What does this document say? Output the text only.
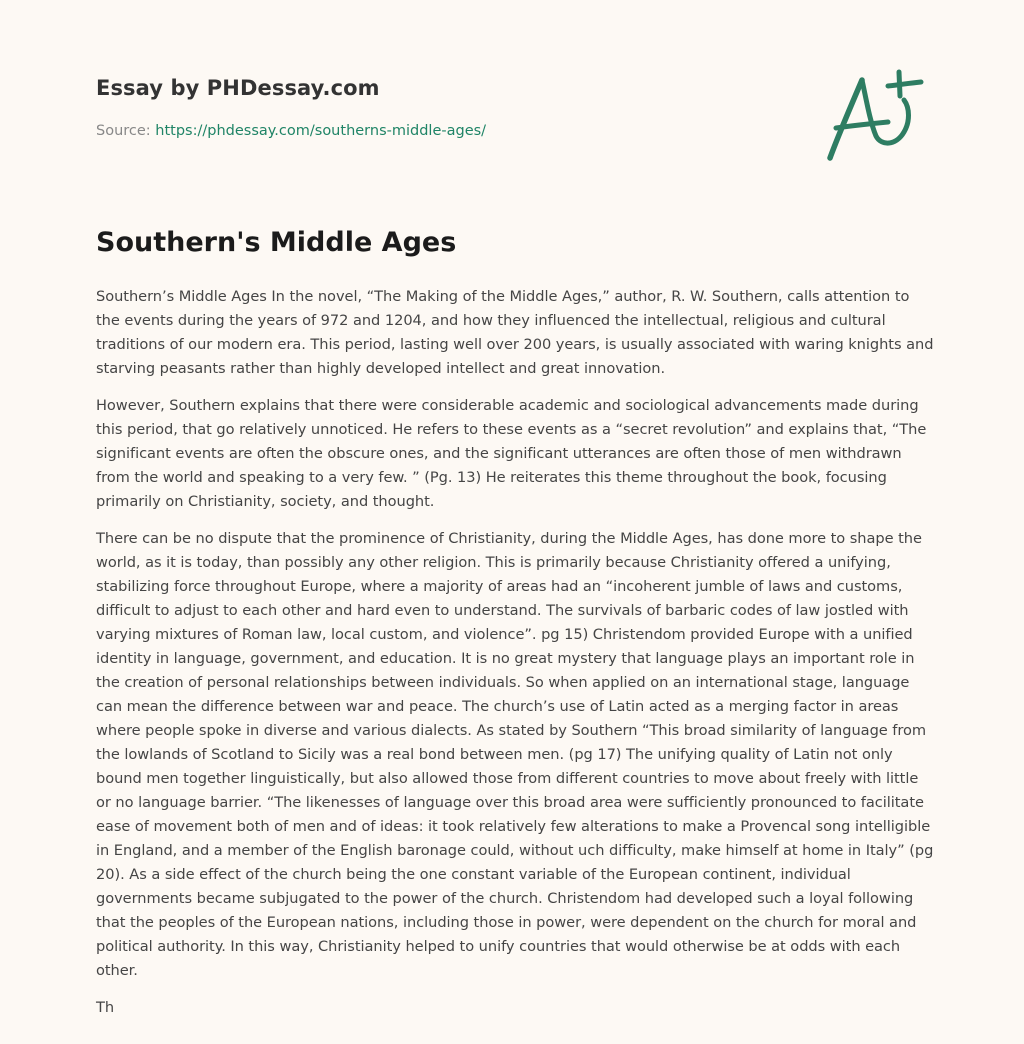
Essay by PHDessay.com
Source: https://phdessay.com/southerns-middle-ages/
Southern's Middle Ages

Southern’s Middle Ages In the novel, “The Making of the Middle Ages,” author, R. W. Southern, calls attention to the events during the years of 972 and 1204, and how they influenced the intellectual, religious and cultural traditions of our modern era. This period, lasting well over 200 years, is usually associated with waring knights and starving peasants rather than highly developed intellect and great innovation.

However, Southern explains that there were considerable academic and sociological advancements made during this period, that go relatively unnoticed. He refers to these events as a “secret revolution” and explains that, “The significant events are often the obscure ones, and the significant utterances are often those of men withdrawn from the world and speaking to a very few. ” (Pg. 13) He reiterates this theme throughout the book, focusing primarily on Christianity, society, and thought.

There can be no dispute that the prominence of Christianity, during the Middle Ages, has done more to shape the world, as it is today, than possibly any other religion. This is primarily because Christianity offered a unifying, stabilizing force throughout Europe, where a majority of areas had an “incoherent jumble of laws and customs, difficult to adjust to each other and hard even to understand. The survivals of barbaric codes of law jostled with varying mixtures of Roman law, local custom, and violence”. pg 15) Christendom provided Europe with a unified identity in language, government, and education. It is no great mystery that language plays an important role in the creation of personal relationships between individuals. So when applied on an international stage, language can mean the difference between war and peace. The church’s use of Latin acted as a merging factor in areas where people spoke in diverse and various dialects. As stated by Southern “This broad similarity of language from the lowlands of Scotland to Sicily was a real bond between men. (pg 17) The unifying quality of Latin not only bound men together linguistically, but also allowed those from different countries to move about freely with little or no language barrier. “The likenesses of language over this broad area were sufficiently pronounced to facilitate ease of movement both of men and of ideas: it took relatively few alterations to make a Provencal song intelligible in England, and a member of the English baronage could, without uch difficulty, make himself at home in Italy” (pg 20). As a side effect of the church being the one constant variable of the European continent, individual governments became subjugated to the power of the church. Christendom had developed such a loyal following that the peoples of the European nations, including those in power, were dependent on the church for moral and political authority. In this way, Christianity helped to unify countries that would otherwise be at odds with each other.

Th
